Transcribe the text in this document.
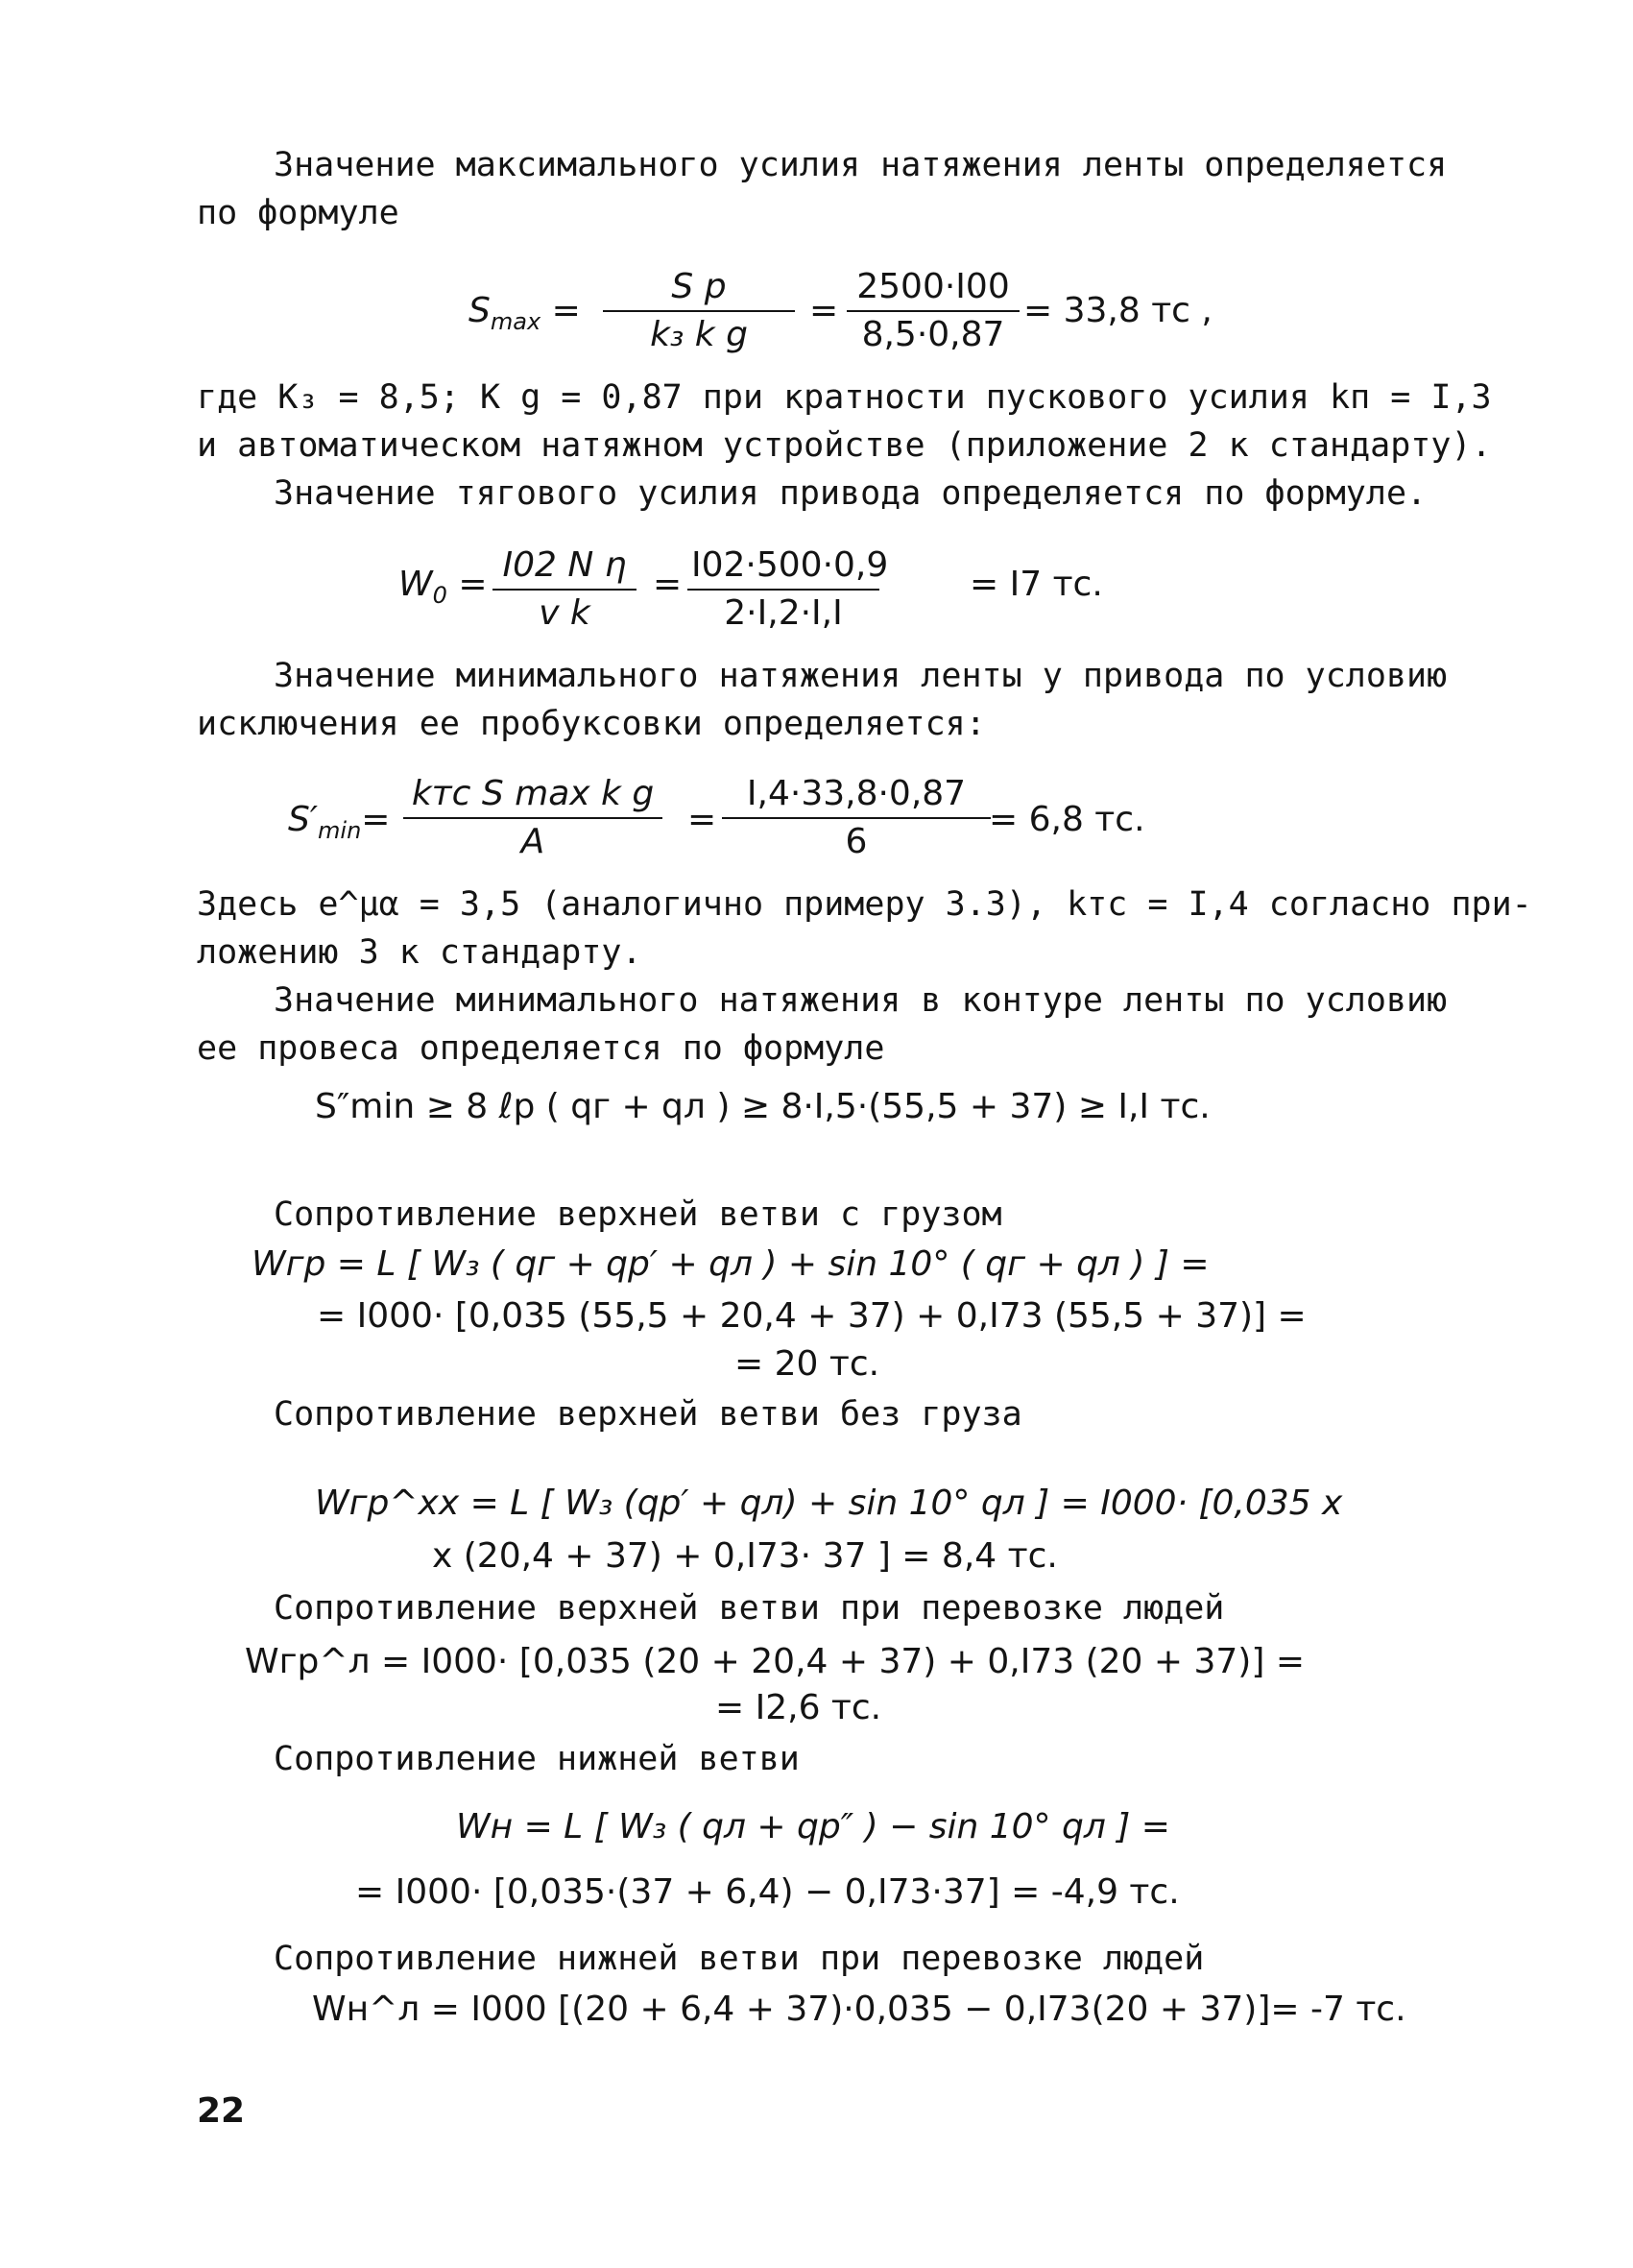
Значение максимального усилия натяжения ленты определяется
по формуле
$S_{max} = \frac{\text{S p}}{\text{k₃ k g}} = \frac{2500\cdot I00}{8,5\cdot 0,87} = 33,8$ тс ,
где K₃ = 8,5; K g = 0,87 при кратности пускового усилия kп = I,3
и автоматическом натяжном устройстве (приложение 2 к стандарту).
Значение тягового усилия привода определяется по формуле.
$W_0 = \frac{\text{I02 N η}}{\text{v k}} = \frac{I02\cdot 500\cdot 0,9}{2\cdot I,2\cdot I,I}$	= I7 тс.
Значение минимального натяжения ленты у привода по условию
исключения ее пробуксовки определяется:
$S'_{min}=$
kтс S max k g
A
= $\frac{I,4\cdot 33,8\cdot 0,87}{6}$
= 6,8 тс.
Здесь e^μα = 3,5 (аналогично примеру 3.3), kтс = I,4 согласно при-
ложению 3 к стандарту.
Значение минимального натяжения в контуре ленты по условию
ее провеса определяется по формуле
S″min ≥ 8 ℓp ( qг + qл ) ≥ 8·I,5·(55,5 + 37) ≥ I,I тс.
Сопротивление верхней ветви с грузом
Wгр = L [ W₃ ( qг + qр′ + qл ) + sin 10° ( qг + qл ) ] =
= I000· [0,035 (55,5 + 20,4 + 37) + 0,I73 (55,5 + 37)] =
= 20 тс.
Сопротивление верхней ветви без груза
Wгр^xx = L [ W₃ (qр′ + qл) + sin 10° qл ] = I000· [0,035 x
x (20,4 + 37) + 0,I73· 37 ] = 8,4 тс.
Сопротивление верхней ветви при перевозке людей
Wгр^л = I000· [0,035 (20 + 20,4 + 37) + 0,I73 (20 + 37)] =
= I2,6 тс.
Сопротивление нижней ветви
Wн = L [ W₃ ( qл + qр″ ) − sin 10° qл ] =
= I000· [0,035·(37 + 6,4) − 0,I73·37] = -4,9 тс.
Сопротивление нижней ветви при перевозке людей
Wн^л = I000 [(20 + 6,4 + 37)·0,035 − 0,I73(20 + 37)]= -7 тс.
22
